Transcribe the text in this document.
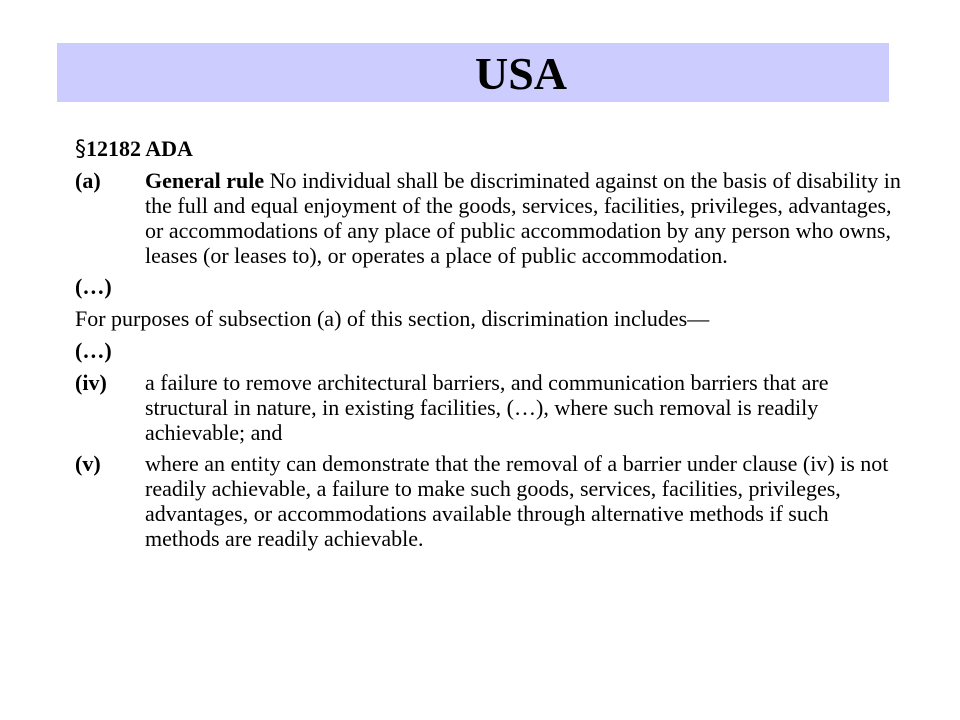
USA
§12182 ADA
(a)	General rule No individual shall be discriminated against on the basis of disability in the full and equal enjoyment of the goods, services, facilities, privileges, advantages, or accommodations of any place of public accommodation by any person who owns, leases (or leases to), or operates a place of public accommodation.
(…)
For purposes of subsection (a) of this section, discrimination includes—
(…)
(iv)	a failure to remove architectural barriers, and communication barriers that are structural in nature, in existing facilities, (…), where such removal is readily achievable; and
(v)	where an entity can demonstrate that the removal of a barrier under clause (iv) is not readily achievable, a failure to make such goods, services, facilities, privileges, advantages, or accommodations available through alternative methods if such methods are readily achievable.
